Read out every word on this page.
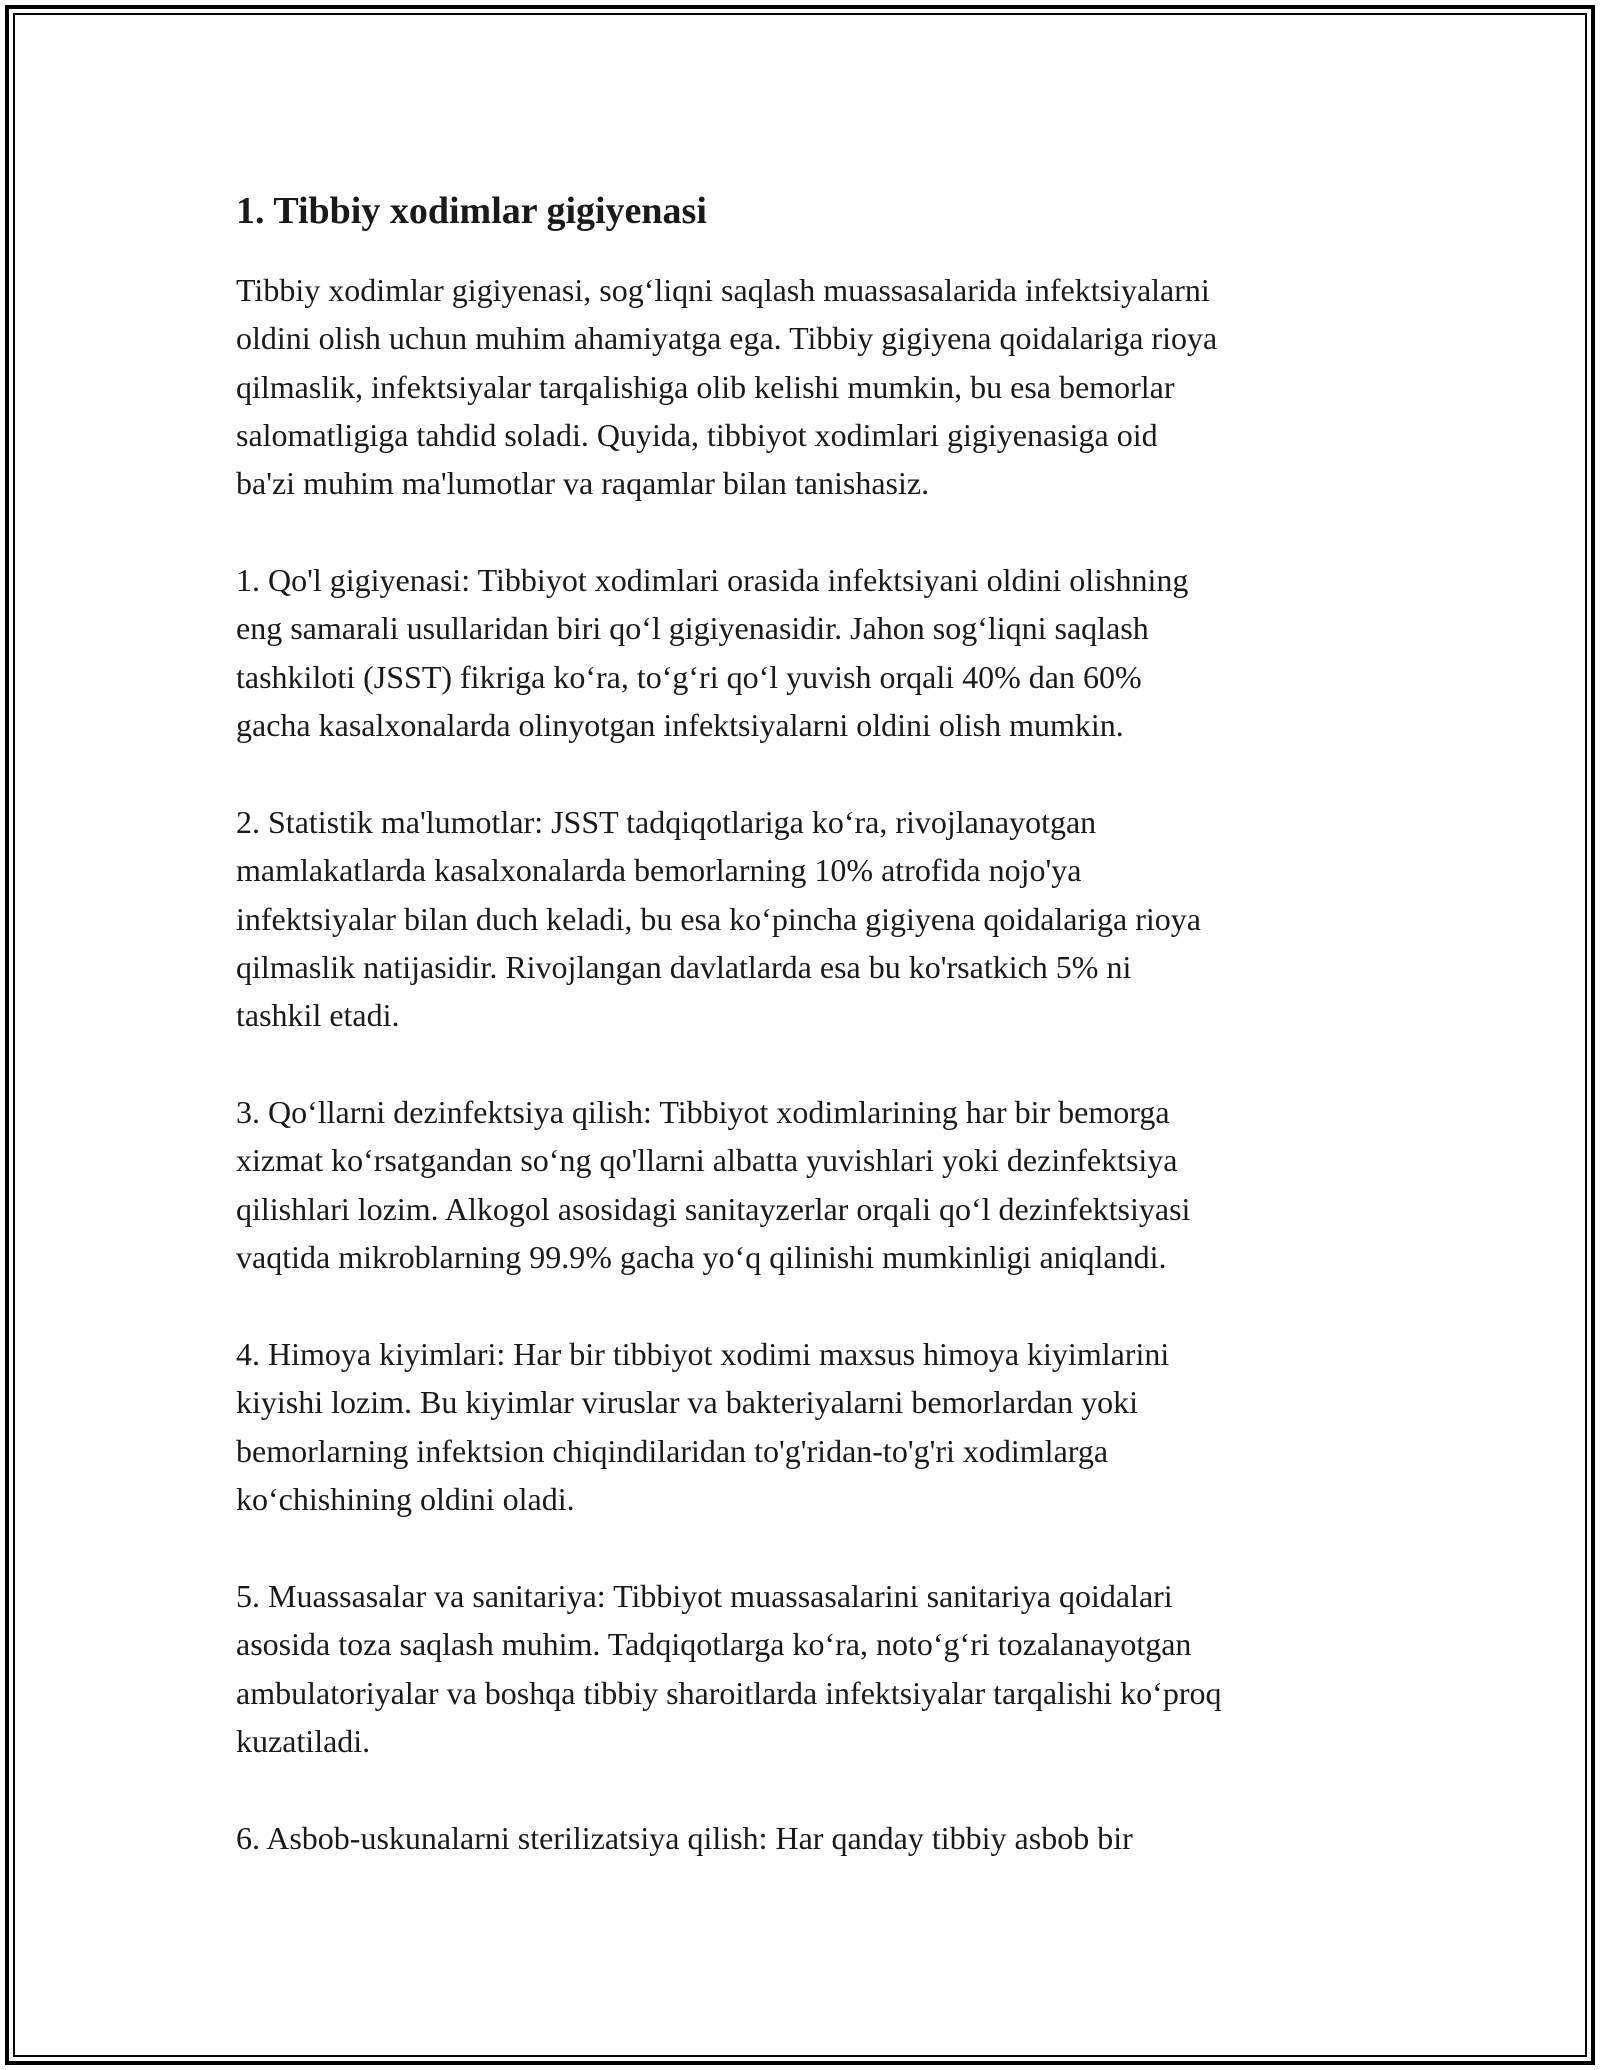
1. Tibbiy xodimlar gigiyenasi

Tibbiy xodimlar gigiyenasi, sog‘liqni saqlash muassasalarida infektsiyalarni
oldini olish uchun muhim ahamiyatga ega. Tibbiy gigiyena qoidalariga rioya
qilmaslik, infektsiyalar tarqalishiga olib kelishi mumkin, bu esa bemorlar
salomatligiga tahdid soladi. Quyida, tibbiyot xodimlari gigiyenasiga oid
ba'zi muhim ma'lumotlar va raqamlar bilan tanishasiz.

1. Qo'l gigiyenasi: Tibbiyot xodimlari orasida infektsiyani oldini olishning
eng samarali usullaridan biri qo‘l gigiyenasidir. Jahon sog‘liqni saqlash
tashkiloti (JSST) fikriga ko‘ra, to‘g‘ri qo‘l yuvish orqali 40% dan 60%
gacha kasalxonalarda olinyotgan infektsiyalarni oldini olish mumkin.

2. Statistik ma'lumotlar: JSST tadqiqotlariga ko‘ra, rivojlanayotgan
mamlakatlarda kasalxonalarda bemorlarning 10% atrofida nojo'ya
infektsiyalar bilan duch keladi, bu esa ko‘pincha gigiyena qoidalariga rioya
qilmaslik natijasidir. Rivojlangan davlatlarda esa bu ko'rsatkich 5% ni
tashkil etadi.

3. Qo‘llarni dezinfektsiya qilish: Tibbiyot xodimlarining har bir bemorga
xizmat ko‘rsatgandan so‘ng qo'llarni albatta yuvishlari yoki dezinfektsiya
qilishlari lozim. Alkogol asosidagi sanitayzerlar orqali qo‘l dezinfektsiyasi
vaqtida mikroblarning 99.9% gacha yo‘q qilinishi mumkinligi aniqlandi.

4. Himoya kiyimlari: Har bir tibbiyot xodimi maxsus himoya kiyimlarini
kiyishi lozim. Bu kiyimlar viruslar va bakteriyalarni bemorlardan yoki
bemorlarning infektsion chiqindilaridan to'g'ridan-to'g'ri xodimlarga
ko‘chishining oldini oladi.

5. Muassasalar va sanitariya: Tibbiyot muassasalarini sanitariya qoidalari
asosida toza saqlash muhim. Tadqiqotlarga ko‘ra, noto‘g‘ri tozalanayotgan
ambulatoriyalar va boshqa tibbiy sharoitlarda infektsiyalar tarqalishi ko‘proq
kuzatiladi.

6. Asbob-uskunalarni sterilizatsiya qilish: Har qanday tibbiy asbob bir
